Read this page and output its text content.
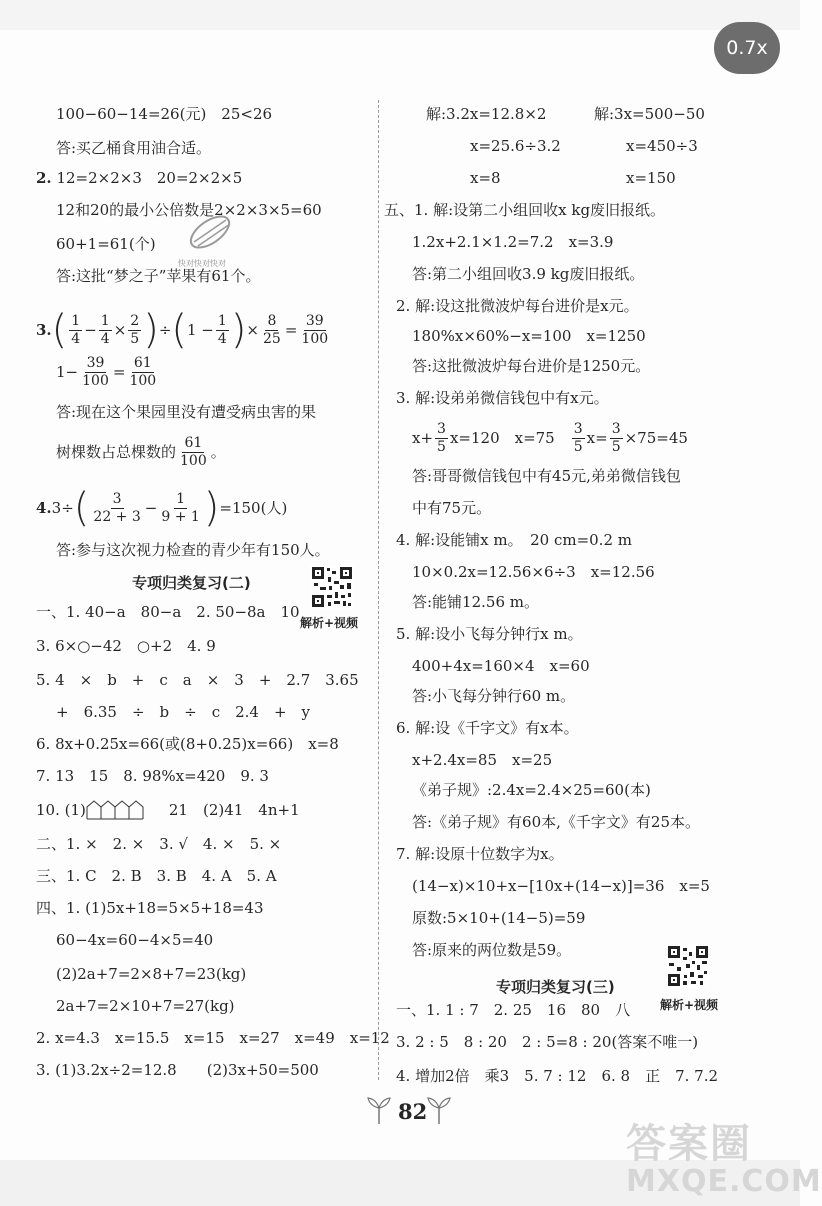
0.7x
100−60−14=26(元)　25<26
答:买乙桶食用油合适。
2. 12=2×2×3　20=2×2×5
12和20的最小公倍数是2×2×3×5=60
60+1=61(个)
答:这批“梦之子”苹果有61个。
快对快对快对
3. ( $\frac{1}{4} - \frac{1}{4} \times \frac{2}{5}$ ) ÷ ( $1 - \frac{1}{4}$ ) × $\frac{8}{25} = \frac{39}{100}$
$1- \frac{39}{100} = \frac{61}{100}$
答:现在这个果园里没有遭受病虫害的果
树棵数占总棵数的 $\frac{61}{100}$ 。
4. 3÷ ( $\frac{3}{22 + 3} - \frac{1}{9 + 1}$ ) =150(人)
答:参与这次视力检查的青少年有150人。
专项归类复习(二)
解析+视频
一、1. 40−a　80−a　2. 50−8a　10
3. 6×○−42　○+2　4. 9
5. 4　×　b　+　c　a　×　3　+　2.7　3.65
+　6.35　÷　b　÷　c　2.4　+　y
6. 8x+0.25x=66(或(8+0.25)x=66)　x=8
7. 13　15　8. 98%x=420　9. 3
10. (1)	　21　(2)41　4n+1
二、1. ×　2. ×　3. √　4. ×　5. ×
三、1. C　2. B　3. B　4. A　5. A
四、1. (1)5x+18=5×5+18=43
60−4x=60−4×5=40
(2)2a+7=2×8+7=23(kg)
2a+7=2×10+7=27(kg)
2. x=4.3　x=15.5　x=15　x=27　x=49　x=12
3. (1)3.2x÷2=12.8　　(2)3x+50=500
解:3.2x=12.8×2	解:3x=500−50
x=25.6÷3.2	x=450÷3
x=8	x=150
五、1. 解:设第二小组回收x kg废旧报纸。
1.2x+2.1×1.2=7.2　x=3.9
答:第二小组回收3.9 kg废旧报纸。
2. 解:设这批微波炉每台进价是x元。
180%x×60%−x=100　x=1250
答:这批微波炉每台进价是1250元。
3. 解:设弟弟微信钱包中有x元。
$x+ \frac{3}{5} x=120$　x=75　 $\frac{3}{5} x= \frac{3}{5} \times 75=45$
答:哥哥微信钱包中有45元,弟弟微信钱包
中有75元。
4. 解:设能铺x m。　20 cm=0.2 m
10×0.2x=12.56×6÷3　x=12.56
答:能铺12.56 m。
5. 解:设小飞每分钟行x m。
400+4x=160×4　x=60
答:小飞每分钟行60 m。
6. 解:设《千字文》有x本。
x+2.4x=85　x=25
《弟子规》:2.4x=2.4×25=60(本)
答:《弟子规》有60本,《千字文》有25本。
7. 解:设原十位数字为x。
(14−x)×10+x−[10x+(14−x)]=36　x=5
原数:5×10+(14−5)=59
答:原来的两位数是59。
专项归类复习(三)
解析+视频
一、1. 1 : 7　2. 25　16　80　八
3. 2 : 5　8 : 20　2 : 5=8 : 20(答案不唯一)
4. 增加2倍　乘3　5. 7 : 12　6. 8　正　7. 7.2
82
答案圈
MXQE.COM
